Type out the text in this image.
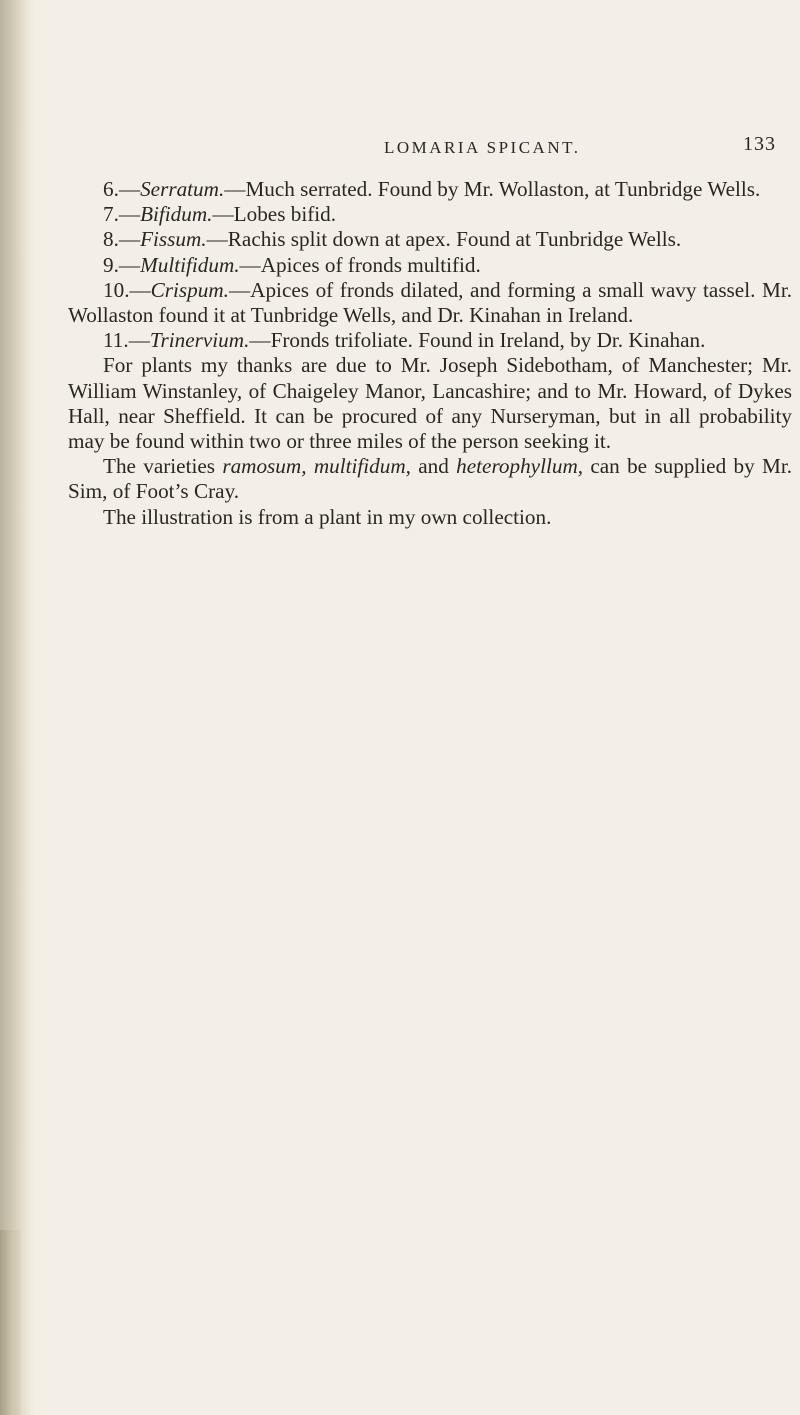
LOMARIA SPICANT.	133

6.—Serratum.—Much serrated. Found by Mr. Wollaston, at Tunbridge Wells.

7.—Bifidum.—Lobes bifid.

8.—Fissum.—Rachis split down at apex. Found at Tunbridge Wells.

9.—Multifidum.—Apices of fronds multifid.

10.—Crispum.—Apices of fronds dilated, and forming a small wavy tassel. Mr. Wollaston found it at Tunbridge Wells, and Dr. Kinahan in Ireland.

11.—Trinervium.—Fronds trifoliate. Found in Ireland, by Dr. Kinahan.

For plants my thanks are due to Mr. Joseph Sidebotham, of Manchester; Mr. William Winstanley, of Chaigeley Manor, Lancashire; and to Mr. Howard, of Dykes Hall, near Sheffield. It can be procured of any Nurseryman, but in all probability may be found within two or three miles of the person seeking it.

The varieties ramosum, multifidum, and heterophyllum, can be supplied by Mr. Sim, of Foot’s Cray.

The illustration is from a plant in my own collection.
